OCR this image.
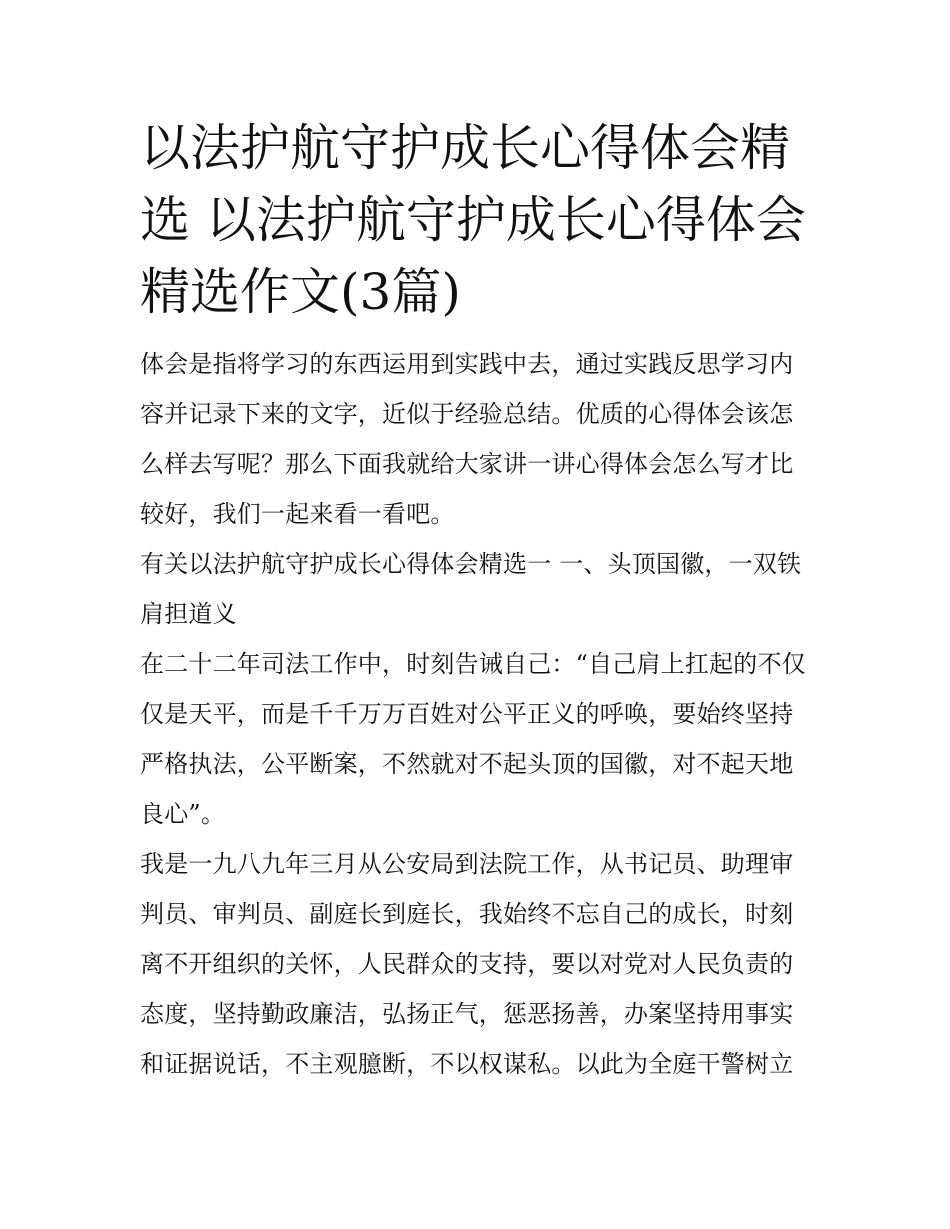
以法护航守护成长心得体会精选 以法护航守护成长心得体会精选作文(3篇)

体会是指将学习的东西运用到实践中去，通过实践反思学习内容并记录下来的文字，近似于经验总结。优质的心得体会该怎么样去写呢？那么下面我就给大家讲一讲心得体会怎么写才比较好，我们一起来看一看吧。

有关以法护航守护成长心得体会精选一 一、头顶国徽，一双铁肩担道义

在二十二年司法工作中，时刻告诫自己：“自己肩上扛起的不仅仅是天平，而是千千万万百姓对公平正义的呼唤，要始终坚持严格执法，公平断案，不然就对不起头顶的国徽，对不起天地良心”。

我是一九八九年三月从公安局到法院工作，从书记员、助理审判员、审判员、副庭长到庭长，我始终不忘自己的成长，时刻离不开组织的关怀，人民群众的支持，要以对党对人民负责的态度，坚持勤政廉洁，弘扬正气，惩恶扬善，办案坚持用事实和证据说话，不主观臆断，不以权谋私。以此为全庭干警树立
